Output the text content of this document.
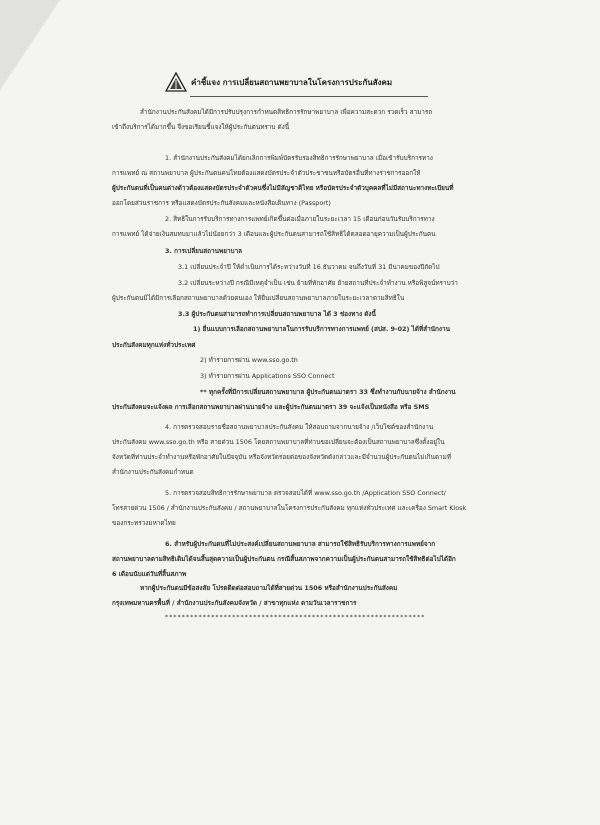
คำชี้แจง การเปลี่ยนสถานพยาบาลในโครงการประกันสังคม
สำนักงานประกันสังคมได้มีการปรับปรุงการกำหนดสิทธิการรักษาพยาบาล เพื่อความสะดวก รวดเร็ว สามารถ
เข้าถึงบริการได้มากขึ้น จึงขอเรียนชี้แจงให้ผู้ประกันตนทราบ ดังนี้
1. สำนักงานประกันสังคมได้ยกเลิกการพิมพ์บัตรรับรองสิทธิการรักษาพยาบาล เมื่อเข้ารับบริการทาง
การแพทย์ ณ สถานพยาบาล ผู้ประกันตนคนไทยต้องแสดงบัตรประจำตัวประชาชนหรือบัตรอื่นที่ทางราชการออกให้
ผู้ประกันตนที่เป็นคนต่างด้าวต้องแสดงบัตรประจำตัวคนซึ่งไม่มีสัญชาติไทย หรือบัตรประจำตัวบุคคลที่ไม่มีสถานะทางทะเบียนที่
ออกโดยส่วนราชการ หรือแสดงบัตรประกันสังคมและหนังสือเดินทาง (Passport)
2. สิทธิในการรับบริการทางการแพทย์เกิดขึ้นต่อเมื่อภายในระยะเวลา 15 เดือนก่อนวันรับบริการทาง
การแพทย์ ได้จ่ายเงินสมทบมาแล้วไม่น้อยกว่า 3 เดือนและผู้ประกันตนสามารถใช้สิทธิได้ตลอดอายุความเป็นผู้ประกันตน
3. การเปลี่ยนสถานพยาบาล
3.1 เปลี่ยนประจำปี ให้ดำเนินการได้ระหว่างวันที่ 16 ธันวาคม จนถึงวันที่ 31 มีนาคมของปีถัดไป
3.2 เปลี่ยนระหว่างปี กรณีมีเหตุจำเป็น เช่น ย้ายที่พักอาศัย ย้ายสถานที่ประจำทำงาน หรือพิสูจน์ทราบว่า
ผู้ประกันตนมิได้มีการเลือกสถานพยาบาลด้วยตนเอง ให้ยื่นเปลี่ยนสถานพยาบาลภายในระยะเวลาตามสิทธิใน
3.3 ผู้ประกันตนสามารถทำการเปลี่ยนสถานพยาบาล ได้ 3 ช่องทาง ดังนี้
1) ยื่นแบบการเลือกสถานพยาบาลในการรับบริการทางการแพทย์ (สปส. 9-02) ได้ที่สำนักงาน
ประกันสังคมทุกแห่งทั่วประเทศ
2) ทำรายการผ่าน www.sso.go.th
3) ทำรายการผ่าน Applications SSO Connect
** ทุกครั้งที่มีการเปลี่ยนสถานพยาบาล ผู้ประกันตนมาตรา 33 ซึ่งทำงานกับนายจ้าง สำนักงาน
ประกันสังคมจะแจ้งผล การเลือกสถานพยาบาลผ่านนายจ้าง และผู้ประกันตนมาตรา 39 จะแจ้งเป็นหนังสือ หรือ SMS
4. การตรวจสอบรายชื่อสถานพยาบาลประกันสังคม ให้สอบถามจากนายจ้าง /เว็บไซต์ของสำนักงาน
ประกันสังคม www.sso.go.th หรือ สายด่วน 1506 โดยสถานพยาบาลที่ท่านขอเปลี่ยนจะต้องเป็นสถานพยาบาลซึ่งตั้งอยู่ใน
จังหวัดที่ท่านประจำทำงานหรือพักอาศัยในปัจจุบัน หรือจังหวัดรอยต่อของจังหวัดดังกล่าวและมีจำนวนผู้ประกันตนไม่เกินตามที่
สำนักงานประกันสังคมกำหนด
5. การตรวจสอบสิทธิการรักษาพยาบาล ตรวจสอบได้ที่ www.sso.go.th /Application SSO Connect/
โทรสายด่วน 1506 / สำนักงานประกันสังคม / สถานพยาบาลในโครงการประกันสังคม ทุกแห่งทั่วประเทศ และเครื่อง Smart Kiosk
ของกระทรวงมหาดไทย
6. สำหรับผู้ประกันตนที่ไม่ประสงค์เปลี่ยนสถานพยาบาล สามารถใช้สิทธิรับบริการทางการแพทย์จาก
สถานพยาบาลตามสิทธิเดิมได้จนสิ้นสุดความเป็นผู้ประกันตน กรณีสิ้นสภาพจากความเป็นผู้ประกันตนสามารถใช้สิทธิต่อไปได้อีก
6 เดือนนับแต่วันที่สิ้นสภาพ
หากผู้ประกันตนมีข้อสงสัย โปรดติดต่อสอบถามได้ที่สายด่วน 1506 หรือสำนักงานประกันสังคม
กรุงเทพมหานครพื้นที่ / สำนักงานประกันสังคมจังหวัด / สาขาทุกแห่ง ตามวันเวลาราชการ
**************************************************************
